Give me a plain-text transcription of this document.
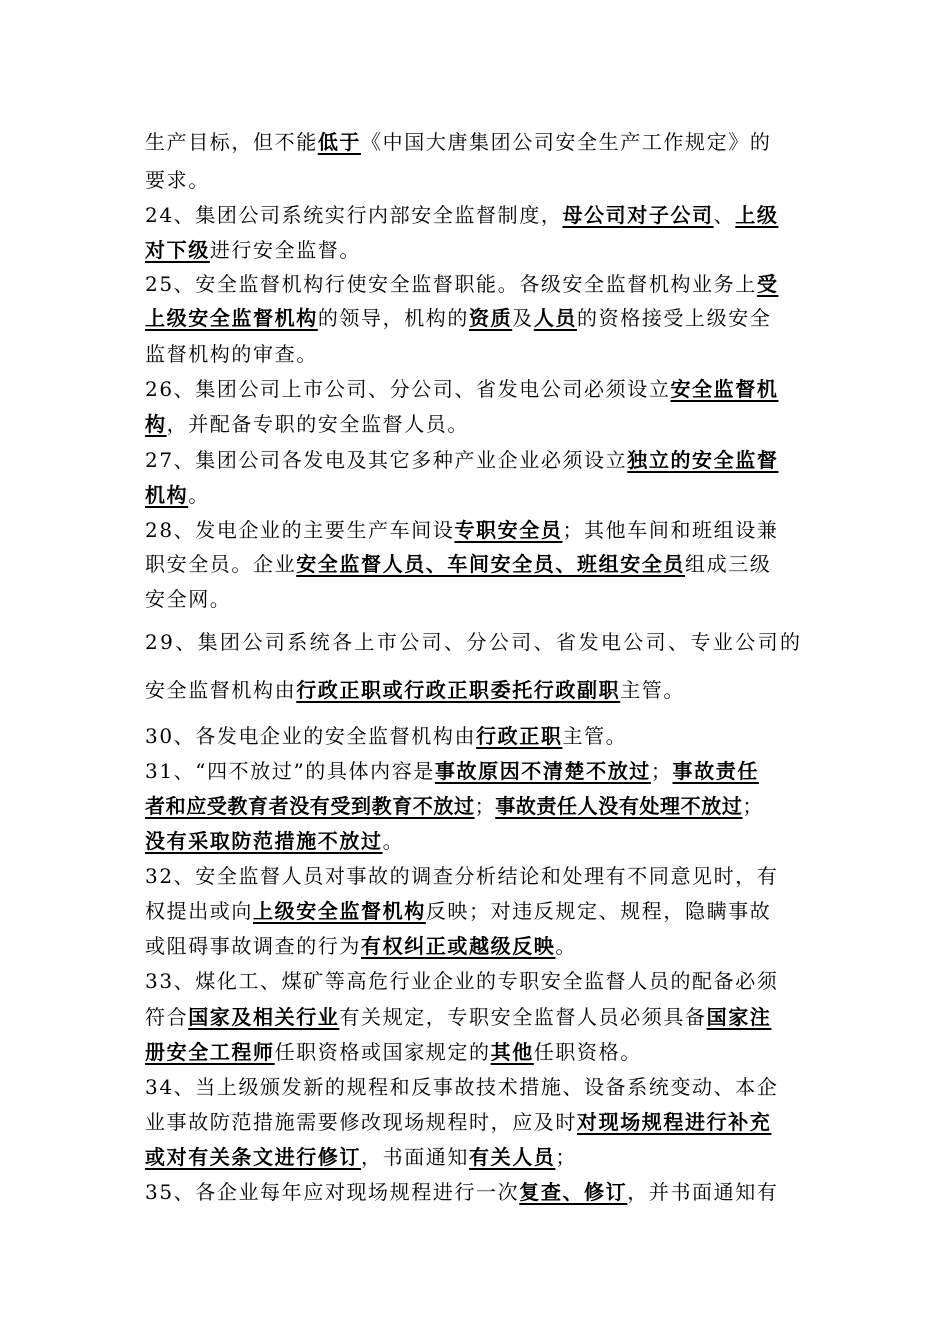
生产目标，但不能低于《中国大唐集团公司安全生产工作规定》的
要求。
24、集团公司系统实行内部安全监督制度，母公司对子公司、上级
对下级进行安全监督。
25、安全监督机构行使安全监督职能。各级安全监督机构业务上受
上级安全监督机构的领导，机构的资质及人员的资格接受上级安全
监督机构的审查。
26、集团公司上市公司、分公司、省发电公司必须设立安全监督机
构，并配备专职的安全监督人员。
27、集团公司各发电及其它多种产业企业必须设立独立的安全监督
机构。
28、发电企业的主要生产车间设专职安全员；其他车间和班组设兼
职安全员。企业安全监督人员、车间安全员、班组安全员组成三级
安全网。
29、集团公司系统各上市公司、分公司、省发电公司、专业公司的
安全监督机构由行政正职或行政正职委托行政副职主管。
30、各发电企业的安全监督机构由行政正职主管。
31、“四不放过”的具体内容是事故原因不清楚不放过；事故责任
者和应受教育者没有受到教育不放过；事故责任人没有处理不放过；
没有采取防范措施不放过。
32、安全监督人员对事故的调查分析结论和处理有不同意见时，有
权提出或向上级安全监督机构反映；对违反规定、规程，隐瞒事故
或阻碍事故调查的行为有权纠正或越级反映。
33、煤化工、煤矿等高危行业企业的专职安全监督人员的配备必须
符合国家及相关行业有关规定，专职安全监督人员必须具备国家注
册安全工程师任职资格或国家规定的其他任职资格。
34、当上级颁发新的规程和反事故技术措施、设备系统变动、本企
业事故防范措施需要修改现场规程时，应及时对现场规程进行补充
或对有关条文进行修订，书面通知有关人员；
35、各企业每年应对现场规程进行一次复查、修订，并书面通知有
